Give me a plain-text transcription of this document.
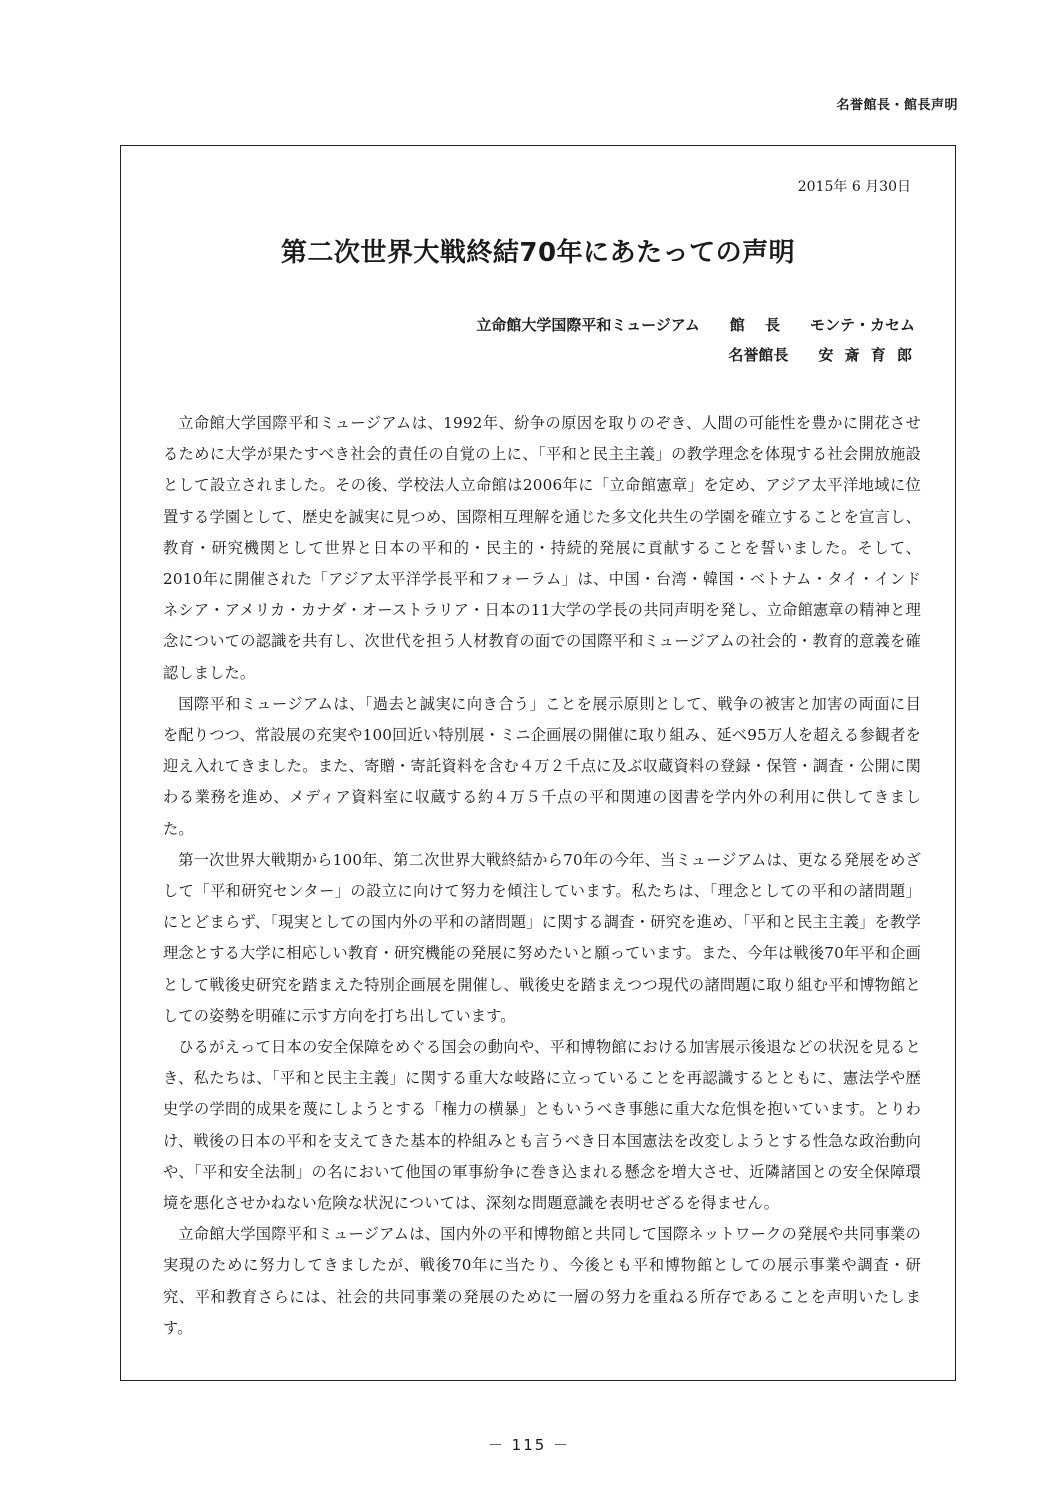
名誉館長・館長声明
2015年 6 月30日
第二次世界大戦終結70年にあたっての声明
立命館大学国際平和ミュージアム 館　 長 モンテ・カセム
名誉館長 安 斎 育 郎

立命館大学国際平和ミュージアムは、1992年、紛争の原因を取りのぞき、人間の可能性を豊かに開花させるために大学が果たすべき社会的責任の自覚の上に、「平和と民主主義」の教学理念を体現する社会開放施設として設立されました。その後、学校法人立命館は2006年に「立命館憲章」を定め、アジア太平洋地域に位置する学園として、歴史を誠実に見つめ、国際相互理解を通じた多文化共生の学園を確立することを宣言し、教育・研究機関として世界と日本の平和的・民主的・持続的発展に貢献することを誓いました。そして、2010年に開催された「アジア太平洋学長平和フォーラム」は、中国・台湾・韓国・ベトナム・タイ・インドネシア・アメリカ・カナダ・オーストラリア・日本の11大学の学長の共同声明を発し、立命館憲章の精神と理念についての認識を共有し、次世代を担う人材教育の面での国際平和ミュージアムの社会的・教育的意義を確認しました。

国際平和ミュージアムは、「過去と誠実に向き合う」ことを展示原則として、戦争の被害と加害の両面に目を配りつつ、常設展の充実や100回近い特別展・ミニ企画展の開催に取り組み、延べ95万人を超える参観者を迎え入れてきました。また、寄贈・寄託資料を含む４万２千点に及ぶ収蔵資料の登録・保管・調査・公開に関わる業務を進め、メディア資料室に収蔵する約４万５千点の平和関連の図書を学内外の利用に供してきました。

第一次世界大戦期から100年、第二次世界大戦終結から70年の今年、当ミュージアムは、更なる発展をめざして「平和研究センター」の設立に向けて努力を傾注しています。私たちは、「理念としての平和の諸問題」にとどまらず、「現実としての国内外の平和の諸問題」に関する調査・研究を進め、「平和と民主主義」を教学理念とする大学に相応しい教育・研究機能の発展に努めたいと願っています。また、今年は戦後70年平和企画として戦後史研究を踏まえた特別企画展を開催し、戦後史を踏まえつつ現代の諸問題に取り組む平和博物館としての姿勢を明確に示す方向を打ち出しています。

ひるがえって日本の安全保障をめぐる国会の動向や、平和博物館における加害展示後退などの状況を見るとき、私たちは、「平和と民主主義」に関する重大な岐路に立っていることを再認識するとともに、憲法学や歴史学の学問的成果を蔑にしようとする「権力の横暴」ともいうべき事態に重大な危惧を抱いています。とりわけ、戦後の日本の平和を支えてきた基本的枠組みとも言うべき日本国憲法を改変しようとする性急な政治動向や、「平和安全法制」の名において他国の軍事紛争に巻き込まれる懸念を増大させ、近隣諸国との安全保障環境を悪化させかねない危険な状況については、深刻な問題意識を表明せざるを得ません。

立命館大学国際平和ミュージアムは、国内外の平和博物館と共同して国際ネットワークの発展や共同事業の実現のために努力してきましたが、戦後70年に当たり、今後とも平和博物館としての展示事業や調査・研究、平和教育さらには、社会的共同事業の発展のために一層の努力を重ねる所存であることを声明いたします。

－ 115 －
